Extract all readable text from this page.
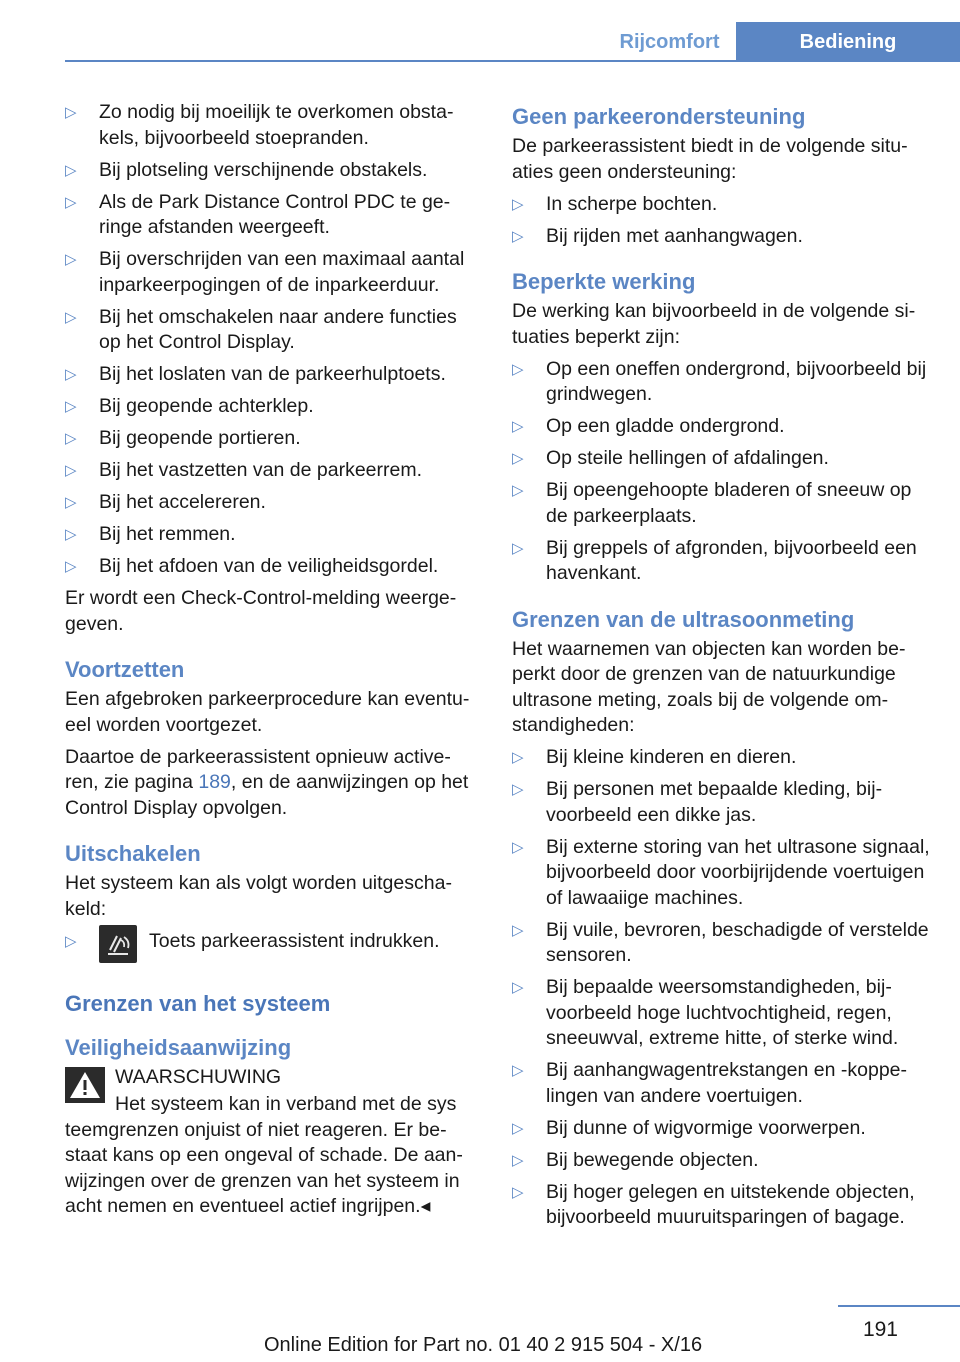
Rijcomfort	Bediening
▷ Zo nodig bij moeilijk te overkomen obstakels, bijvoorbeeld stoepranden.
▷ Bij plotseling verschijnende obstakels.
▷ Als de Park Distance Control PDC te geringe afstanden weergeeft.
▷ Bij overschrijden van een maximaal aantal inparkeerpogingen of de inparkeerduur.
▷ Bij het omschakelen naar andere functies op het Control Display.
▷ Bij het loslaten van de parkeerhulptoets.
▷ Bij geopende achterklep.
▷ Bij geopende portieren.
▷ Bij het vastzetten van de parkeerrem.
▷ Bij het accelereren.
▷ Bij het remmen.
▷ Bij het afdoen van de veiligheidsgordel.

Er wordt een Check-Control-melding weergegeven.

Voortzetten

Een afgebroken parkeerprocedure kan eventueel worden voortgezet.

Daartoe de parkeerassistent opnieuw activeren, zie pagina 189, en de aanwijzingen op het Control Display opvolgen.

Uitschakelen

Het systeem kan als volgt worden uitgeschakeld:

▷	Toets parkeerassistent indrukken.
Grenzen van het systeem
Veiligheidsaanwijzing

WAARSCHUWING

Het systeem kan in verband met de sys

teemgrenzen onjuist of niet reageren. Er bestaat kans op een ongeval of schade. De aanwijzingen over de grenzen van het systeem in acht nemen en eventueel actief ingrijpen.◂

Geen parkeerondersteuning

De parkeerassistent biedt in de volgende situaties geen ondersteuning:

▷ In scherpe bochten.
▷ Bij rijden met aanhangwagen.
Beperkte werking

De werking kan bijvoorbeeld in de volgende situaties beperkt zijn:

▷ Op een oneffen ondergrond, bijvoorbeeld bij grindwegen.
▷ Op een gladde ondergrond.
▷ Op steile hellingen of afdalingen.
▷ Bij opeengehoopte bladeren of sneeuw op de parkeerplaats.
▷ Bij greppels of afgronden, bijvoorbeeld een havenkant.
Grenzen van de ultrasoonmeting

Het waarnemen van objecten kan worden beperkt door de grenzen van de natuurkundige ultrasone meting, zoals bij de volgende omstandigheden:

▷ Bij kleine kinderen en dieren.
▷ Bij personen met bepaalde kleding, bijvoorbeeld een dikke jas.
▷ Bij externe storing van het ultrasone signaal, bijvoorbeeld door voorbijrijdende voertuigen of lawaaiige machines.
▷ Bij vuile, bevroren, beschadigde of verstelde sensoren.
▷ Bij bepaalde weersomstandigheden, bijvoorbeeld hoge luchtvochtigheid, regen, sneeuwval, extreme hitte, of sterke wind.
▷ Bij aanhangwagentrekstangen en -koppelingen van andere voertuigen.
▷ Bij dunne of wigvormige voorwerpen.
▷ Bij bewegende objecten.
▷ Bij hoger gelegen en uitstekende objecten, bijvoorbeeld muuruitsparingen of bagage.
191
Online Edition for Part no. 01 40 2 915 504 - X/16
